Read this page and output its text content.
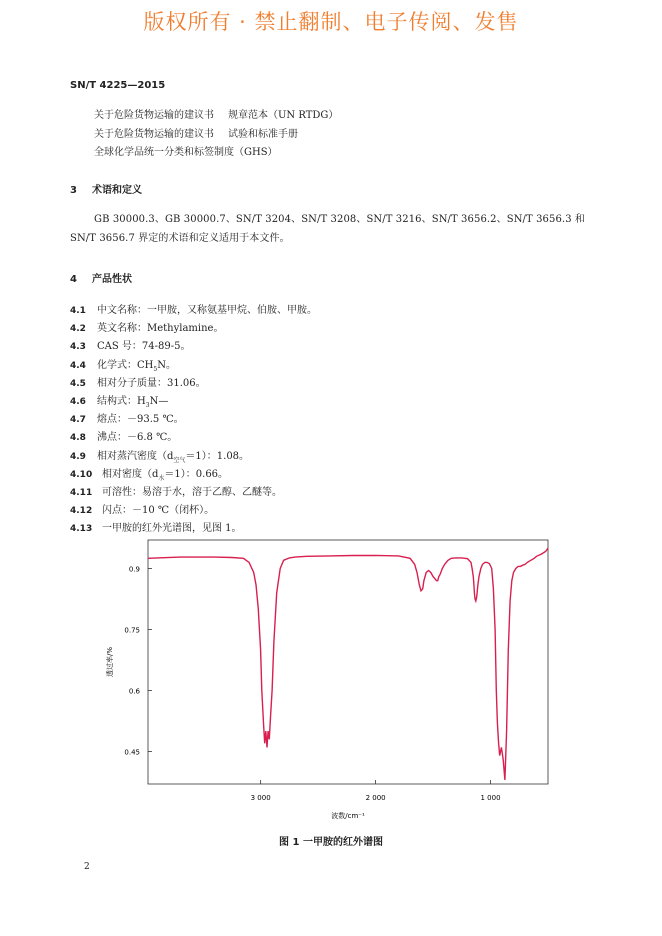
版权所有 · 禁止翻制、电子传阅、发售
SN/T 4225—2015
关于危险货物运输的建议书 规章范本（UN RTDG）
关于危险货物运输的建议书 试验和标准手册
全球化学品统一分类和标签制度（GHS）
3 术语和定义
GB 30000.3、GB 30000.7、SN/T 3204、SN/T 3208、SN/T 3216、SN/T 3656.2、SN/T 3656.3 和 SN/T 3656.7 界定的术语和定义适用于本文件。
4 产品性状
4.1 中文名称：一甲胺，又称氨基甲烷、伯胺、甲胺。
4.2 英文名称：Methylamine。
4.3 CAS 号：74-89-5。
4.4 化学式：$CH_5N$。
4.5 相对分子质量：31.06。
4.6 结构式：$H_3N—$
4.7 熔点：－93.5 ℃。
4.8 沸点：－6.8 ℃。
4.9 相对蒸汽密度$(d_{空气}=1)$：1.08。
4.10 相对密度$(d_水=1)$：0.66。
4.11 可溶性：易溶于水，溶于乙醇、乙醚等。
4.12 闪点：－10 ℃（闭杯）。
4.13 一甲胺的红外光谱图，见图 1。
3 000	2 000	1 000
0.9
0.75
0.6
0.45
波数/cm⁻¹
透过率/%
图 1 一甲胺的红外谱图
2
